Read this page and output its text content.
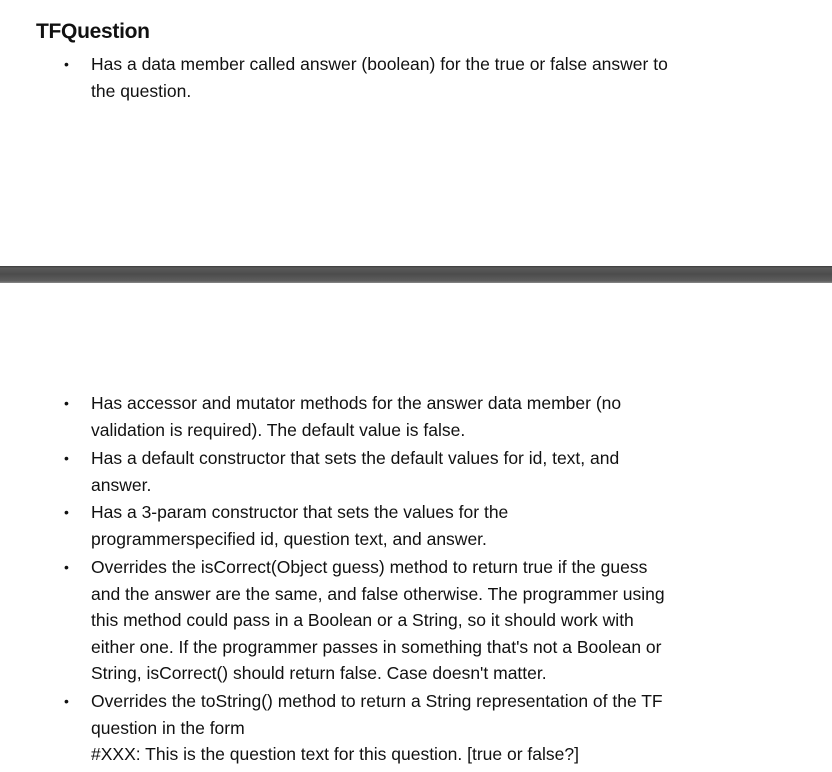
TFQuestion
• Has a data member called answer (boolean) for the true or false answer to
the question.
• Has accessor and mutator methods for the answer data member (no
validation is required). The default value is false.
• Has a default constructor that sets the default values for id, text, and
answer.
• Has a 3-param constructor that sets the values for the
programmerspecified id, question text, and answer.
• Overrides the isCorrect(Object guess) method to return true if the guess
and the answer are the same, and false otherwise. The programmer using
this method could pass in a Boolean or a String, so it should work with
either one. If the programmer passes in something that's not a Boolean or
String, isCorrect() should return false. Case doesn't matter.
• Overrides the toString() method to return a String representation of the TF
question in the form
#XXX: This is the question text for this question. [true or false?]
